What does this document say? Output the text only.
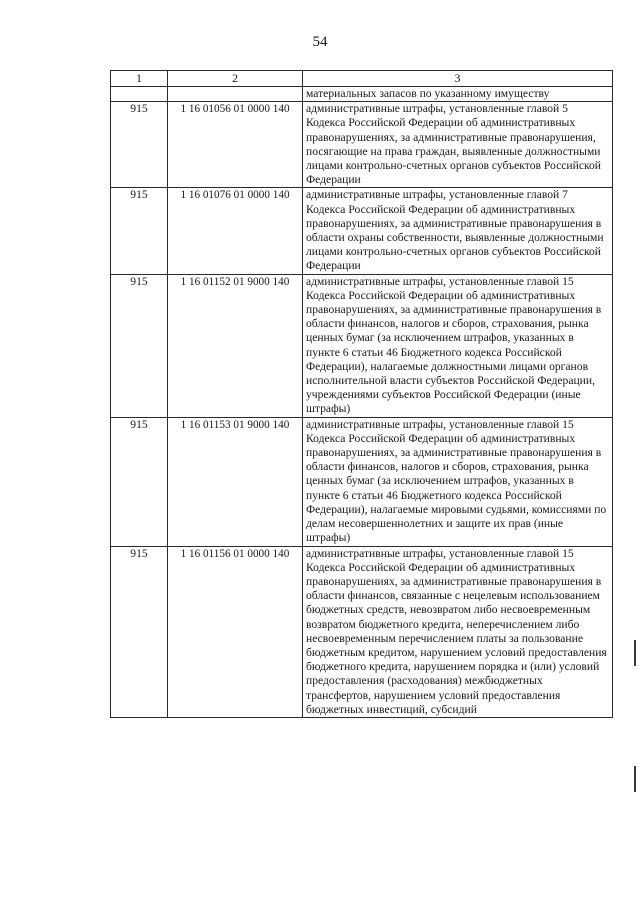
54
1	2	3
		материальных запасов по указанному имуществу
915	1 16 01056 01 0000 140	административные штрафы, установленные главой 5 Кодекса Российской Федерации об административных правонарушениях, за административные правонарушения, посягающие на права граждан, выявленные должностными лицами контрольно-счетных органов субъектов Российской Федерации
915	1 16 01076 01 0000 140	административные штрафы, установленные главой 7 Кодекса Российской Федерации об административных правонарушениях, за административные правонарушения в области охраны собственности, выявленные должностными лицами контрольно-счетных органов субъектов Российской Федерации
915	1 16 01152 01 9000 140	административные штрафы, установленные главой 15 Кодекса Российской Федерации об административных правонарушениях, за административные правонарушения в области финансов, налогов и сборов, страхования, рынка ценных бумаг (за исключением штрафов, указанных в пункте 6 статьи 46 Бюджетного кодекса Российской Федерации), налагаемые должностными лицами органов исполнительной власти субъектов Российской Федерации, учреждениями субъектов Российской Федерации (иные штрафы)
915	1 16 01153 01 9000 140	административные штрафы, установленные главой 15 Кодекса Российской Федерации об административных правонарушениях, за административные правонарушения в области финансов, налогов и сборов, страхования, рынка ценных бумаг (за исключением штрафов, указанных в пункте 6 статьи 46 Бюджетного кодекса Российской Федерации), налагаемые мировыми судьями, комиссиями по делам несовершеннолетних и защите их прав (иные штрафы)
915	1 16 01156 01 0000 140	административные штрафы, установленные главой 15 Кодекса Российской Федерации об административных правонарушениях, за административные правонарушения в области финансов, связанные с нецелевым использованием бюджетных средств, невозвратом либо несвоевременным возвратом бюджетного кредита, неперечислением либо несвоевременным перечислением платы за пользование бюджетным кредитом, нарушением условий предоставления бюджетного кредита, нарушением порядка и (или) условий предоставления (расходования) межбюджетных трансфертов, нарушением условий предоставления бюджетных инвестиций, субсидий
